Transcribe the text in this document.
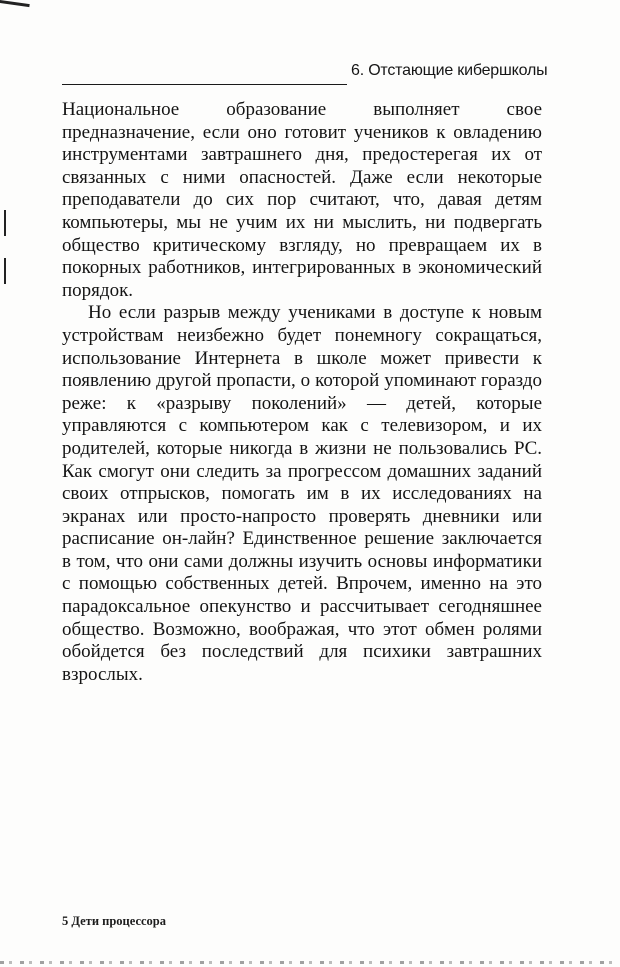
6. Отстающие кибершколы

Национальное образование выполняет свое предназначение, если оно готовит учеников к овладению инструментами завтрашнего дня, предостерегая их от связанных с ними опасностей. Даже если некоторые преподаватели до сих пор считают, что, давая детям компьютеры, мы не учим их ни мыслить, ни подвергать общество критическому взгляду, но превращаем их в покорных работников, интегрированных в экономический порядок.

Но если разрыв между учениками в доступе к новым устройствам неизбежно будет понемногу сокращаться, использование Интернета в школе может привести к появлению другой пропасти, о которой упоминают гораздо реже: к «разрыву поколений» — детей, которые управляются с компьютером как с телевизором, и их родителей, которые никогда в жизни не пользовались PC. Как смогут они следить за прогрессом домашних заданий своих отпрысков, помогать им в их исследованиях на экранах или просто-напросто проверять дневники или расписание он-лайн? Единственное решение заключается в том, что они сами должны изучить основы информатики с помощью собственных детей. Впрочем, именно на это парадоксальное опекунство и рассчитывает сегодняшнее общество. Возможно, воображая, что этот обмен ролями обойдется без последствий для психики завтрашних взрослых.

5 Дети процессора
